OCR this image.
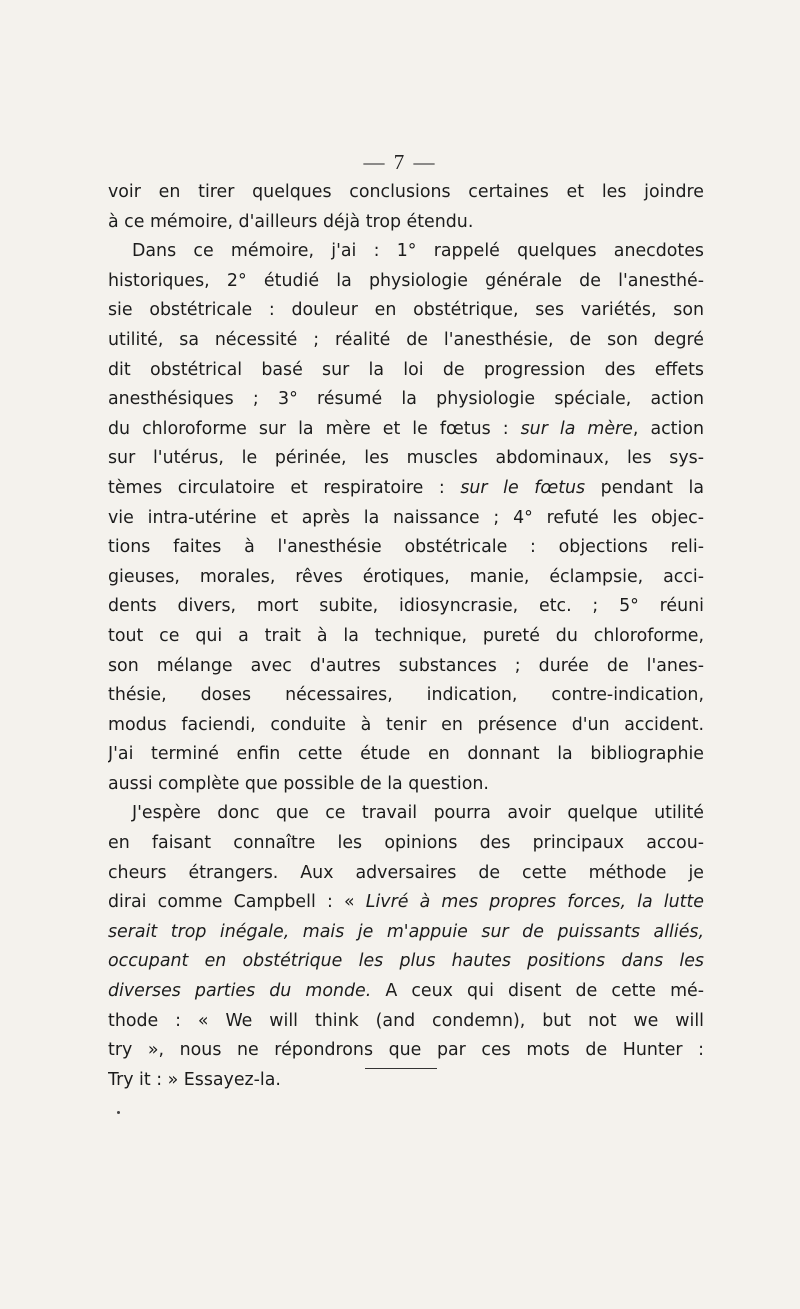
— 7 —
voir en tirer quelques conclusions certaines et les joindre
à ce mémoire, d'ailleurs déjà trop étendu.
Dans ce mémoire, j'ai : 1° rappelé quelques anecdotes
historiques, 2° étudié la physiologie générale de l'anesthé-
sie obstétricale : douleur en obstétrique, ses variétés, son
utilité, sa nécessité ; réalité de l'anesthésie, de son degré
dit obstétrical basé sur la loi de progression des effets
anesthésiques ; 3° résumé la physiologie spéciale, action
du chloroforme sur la mère et le fœtus : sur la mère, action
sur l'utérus, le périnée, les muscles abdominaux, les sys-
tèmes circulatoire et respiratoire : sur le fœtus pendant la
vie intra-utérine et après la naissance ; 4° refuté les objec-
tions faites à l'anesthésie obstétricale : objections reli-
gieuses, morales, rêves érotiques, manie, éclampsie, acci-
dents divers, mort subite, idiosyncrasie, etc. ; 5° réuni
tout ce qui a trait à la technique, pureté du chloroforme,
son mélange avec d'autres substances ; durée de l'anes-
thésie, doses nécessaires, indication, contre-indication,
modus faciendi, conduite à tenir en présence d'un accident.
J'ai terminé enfin cette étude en donnant la bibliographie
aussi complète que possible de la question.
J'espère donc que ce travail pourra avoir quelque utilité
en faisant connaître les opinions des principaux accou-
cheurs étrangers. Aux adversaires de cette méthode je
dirai comme Campbell : « Livré à mes propres forces, la lutte
serait trop inégale, mais je m'appuie sur de puissants alliés,
occupant en obstétrique les plus hautes positions dans les
diverses parties du monde. A ceux qui disent de cette mé-
thode : « We will think (and condemn), but not we will
try », nous ne répondrons que par ces mots de Hunter :
Try it : » Essayez-la.
